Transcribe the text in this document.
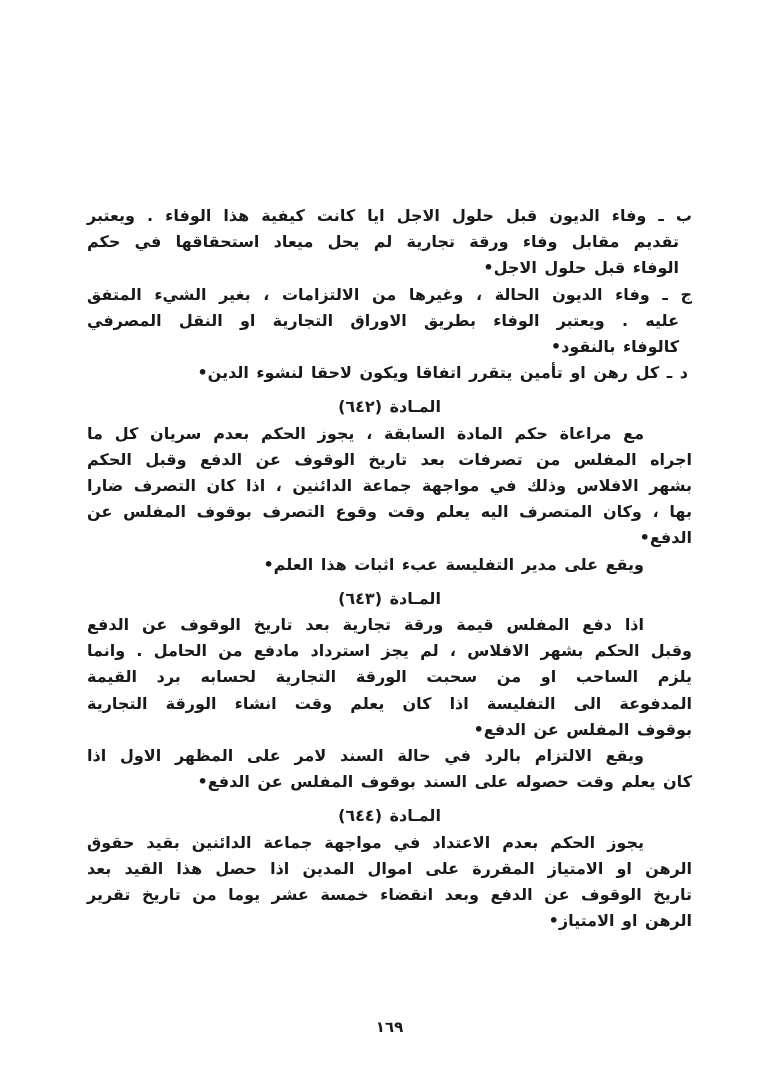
ب ـ وفاء الديون قبل حلول الاجل ايا كانت كيفية هذا الوفاء . ويعتبر
تقديم مقابل وفاء ورقة تجارية لم يحل ميعاد استحقاقها في حكم
الوفاء قبل حلول الاجل•
ج ـ وفاء الديون الحالة ، وغيرها من الالتزامات ، بغير الشيء المتفق
عليه . ويعتبر الوفاء بطريق الاوراق التجارية او النقل المصرفي
كالوفاء بالنقود•
د ـ كل رهن او تأمين يتقرر اتفاقا ويكون لاحقا لنشوء الدين•
المـادة (٦٤٢)
مع مراعاة حكم المادة السابقة ، يجوز الحكم بعدم سريان كل ما
اجراه المفلس من تصرفات بعد تاريخ الوقوف عن الدفع وقبل الحكم
بشهر الافلاس وذلك في مواجهة جماعة الدائنين ، اذا كان التصرف ضارا
بها ، وكان المتصرف اليه يعلم وقت وقوع التصرف بوقوف المفلس عن
الدفع•
ويقع على مدير التفليسة عبء اثبات هذا العلم•
المـادة (٦٤٣)
اذا دفع المفلس قيمة ورقة تجارية بعد تاريخ الوقوف عن الدفع
وقبل الحكم بشهر الافلاس ، لم يجز استرداد مادفع من الحامل . وانما
يلزم الساحب او من سحبت الورقة التجارية لحسابه برد القيمة
المدفوعة الى التفليسة اذا كان يعلم وقت انشاء الورقة التجارية
بوقوف المفلس عن الدفع•
ويقع الالتزام بالرد في حالة السند لامر على المظهر الاول اذا
كان يعلم وقت حصوله على السند بوقوف المفلس عن الدفع•
المـادة (٦٤٤)
يجوز الحكم بعدم الاعتداد في مواجهة جماعة الدائنين بقيد حقوق
الرهن او الامتياز المقررة على اموال المدين اذا حصل هذا القيد بعد
تاريخ الوقوف عن الدفع وبعد انقضاء خمسة عشر يوما من تاريخ تقرير
الرهن او الامتياز•
١٦٩
